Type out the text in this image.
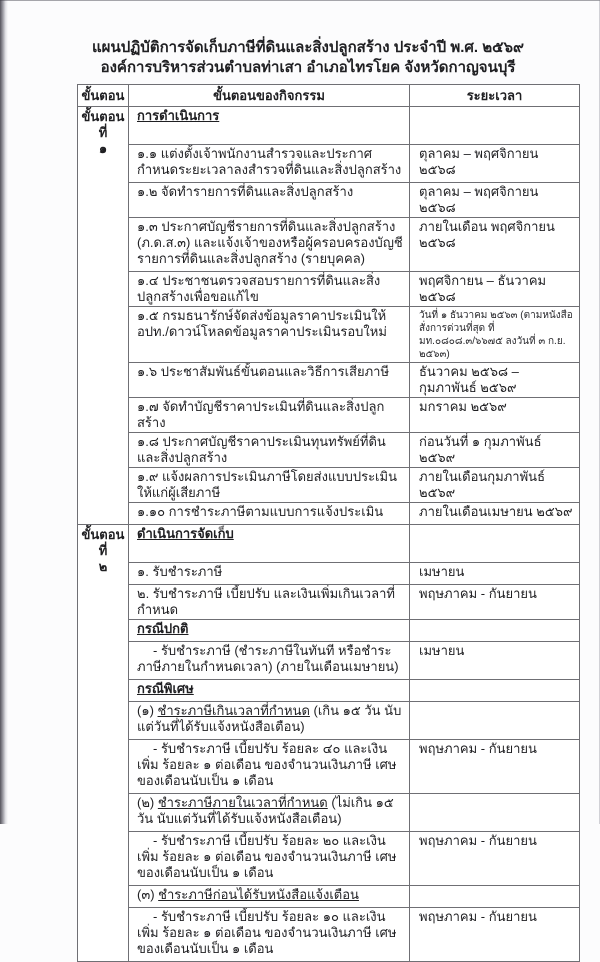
แผนปฏิบัติการจัดเก็บภาษีที่ดินและสิ่งปลูกสร้าง ประจำปี พ.ศ. ๒๕๖๙
องค์การบริหารส่วนตำบลท่าเสา อำเภอไทรโยค จังหวัดกาญจนบุรี
ขั้นตอน	ขั้นตอนของกิจกรรม	ระยะเวลา

ขั้นตอนที่
๑	การดำเนินการ	
	๑.๑ แต่งตั้งเจ้าพนักงานสำรวจและประกาศกำหนดระยะเวลาลงสำรวจที่ดินและสิ่งปลูกสร้าง	ตุลาคม – พฤศจิกายน ๒๕๖๘
	๑.๒ จัดทำรายการที่ดินและสิ่งปลูกสร้าง	ตุลาคม – พฤศจิกายน ๒๕๖๘
	๑.๓ ประกาศบัญชีรายการที่ดินและสิ่งปลูกสร้าง (ภ.ด.ส.๓) และแจ้งเจ้าของหรือผู้ครอบครองบัญชีรายการที่ดินและสิ่งปลูกสร้าง (รายบุคคล)	ภายในเดือน พฤศจิกายน ๒๕๖๘
	๑.๔ ประชาชนตรวจสอบรายการที่ดินและสิ่งปลูกสร้างเพื่อขอแก้ไข	พฤศจิกายน – ธันวาคม ๒๕๖๘
	๑.๕ กรมธนารักษ์จัดส่งข้อมูลราคาประเมินให้ อปท./ดาวน์โหลดข้อมูลราคาประเมินรอบใหม่	วันที่ ๑ ธันวาคม ๒๕๖๓ (ตามหนังสือสั่งการด่วนที่สุด ที่ มท.๐๘๐๘.๓/๖๖๗๕ ลงวันที่ ๓ ก.ย. ๒๕๖๓)
	๑.๖ ประชาสัมพันธ์ขั้นตอนและวิธีการเสียภาษี	ธันวาคม ๒๕๖๘ – กุมภาพันธ์ ๒๕๖๙
	๑.๗ จัดทำบัญชีราคาประเมินที่ดินและสิ่งปลูกสร้าง	มกราคม ๒๕๖๙
	๑.๘ ประกาศบัญชีราคาประเมินทุนทรัพย์ที่ดินและสิ่งปลูกสร้าง	ก่อนวันที่ ๑ กุมภาพันธ์ ๒๕๖๙
	๑.๙ แจ้งผลการประเมินภาษีโดยส่งแบบประเมินให้แก่ผู้เสียภาษี	ภายในเดือนกุมภาพันธ์ ๒๕๖๙
	๑.๑๐ การชำระภาษีตามแบบการแจ้งประเมิน	ภายในเดือนเมษายน ๒๕๖๙

ขั้นตอนที่
๒	ดำเนินการจัดเก็บ	
	๑. รับชำระภาษี	เมษายน
	๒. รับชำระภาษี เบี้ยปรับ และเงินเพิ่มเกินเวลาที่กำหนด	พฤษภาคม - กันยายน
	กรณีปกติ	
	- รับชำระภาษี (ชำระภาษีในทันที หรือชำระภาษีภายในกำหนดเวลา) (ภายในเดือนเมษายน)	เมษายน
	กรณีพิเศษ	
	(๑) ชำระภาษีเกินเวลาที่กำหนด (เกิน ๑๕ วัน นับแต่วันที่ได้รับแจ้งหนังสือเตือน)	
	- รับชำระภาษี เบี้ยปรับ ร้อยละ ๔๐ และเงินเพิ่ม ร้อยละ ๑ ต่อเดือน ของจำนวนเงินภาษี เศษของเดือนนับเป็น ๑ เดือน	พฤษภาคม - กันยายน
	(๒) ชำระภาษีภายในเวลาที่กำหนด (ไม่เกิน ๑๕ วัน นับแต่วันที่ได้รับแจ้งหนังสือเตือน)	
	- รับชำระภาษี เบี้ยปรับ ร้อยละ ๒๐ และเงินเพิ่ม ร้อยละ ๑ ต่อเดือน ของจำนวนเงินภาษี เศษของเดือนนับเป็น ๑ เดือน	พฤษภาคม - กันยายน
	(๓) ชำระภาษีก่อนได้รับหนังสือแจ้งเตือน	
	- รับชำระภาษี เบี้ยปรับ ร้อยละ ๑๐ และเงินเพิ่ม ร้อยละ ๑ ต่อเดือน ของจำนวนเงินภาษี เศษของเดือนนับเป็น ๑ เดือน	พฤษภาคม - กันยายน
